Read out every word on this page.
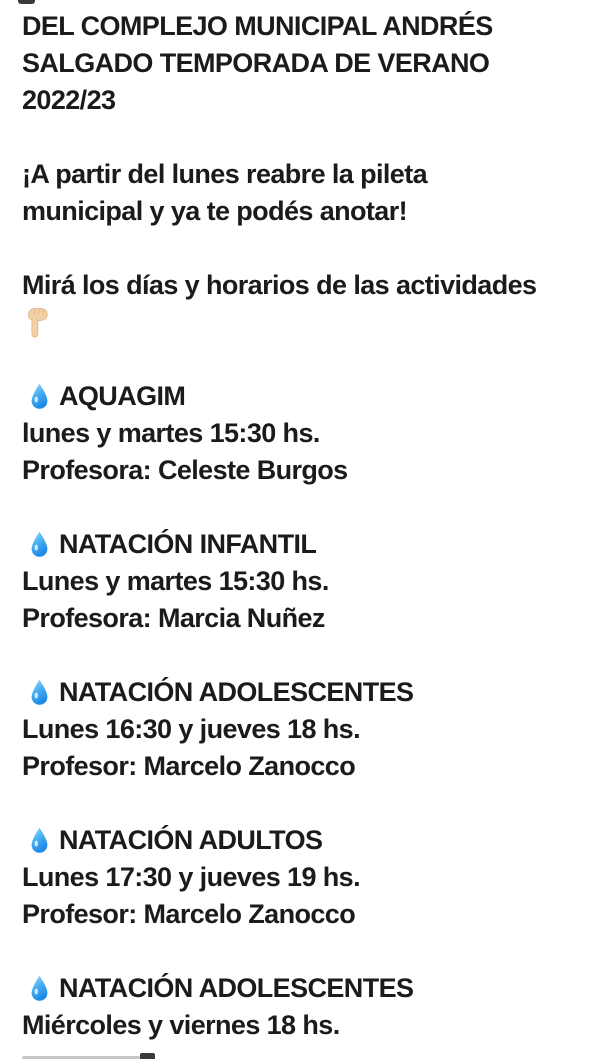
DEL COMPLEJO MUNICIPAL ANDRÉS
SALGADO TEMPORADA DE VERANO
2022/23
¡A partir del lunes reabre la pileta
municipal y ya te podés anotar!
Mirá los días y horarios de las actividades
AQUAGIM
lunes y martes 15:30 hs.
Profesora: Celeste Burgos
NATACIÓN INFANTIL
Lunes y martes 15:30 hs.
Profesora: Marcia Nuñez
NATACIÓN ADOLESCENTES
Lunes 16:30 y jueves 18 hs.
Profesor: Marcelo Zanocco
NATACIÓN ADULTOS
Lunes 17:30 y jueves 19 hs.
Profesor: Marcelo Zanocco
NATACIÓN ADOLESCENTES
Miércoles y viernes 18 hs.
